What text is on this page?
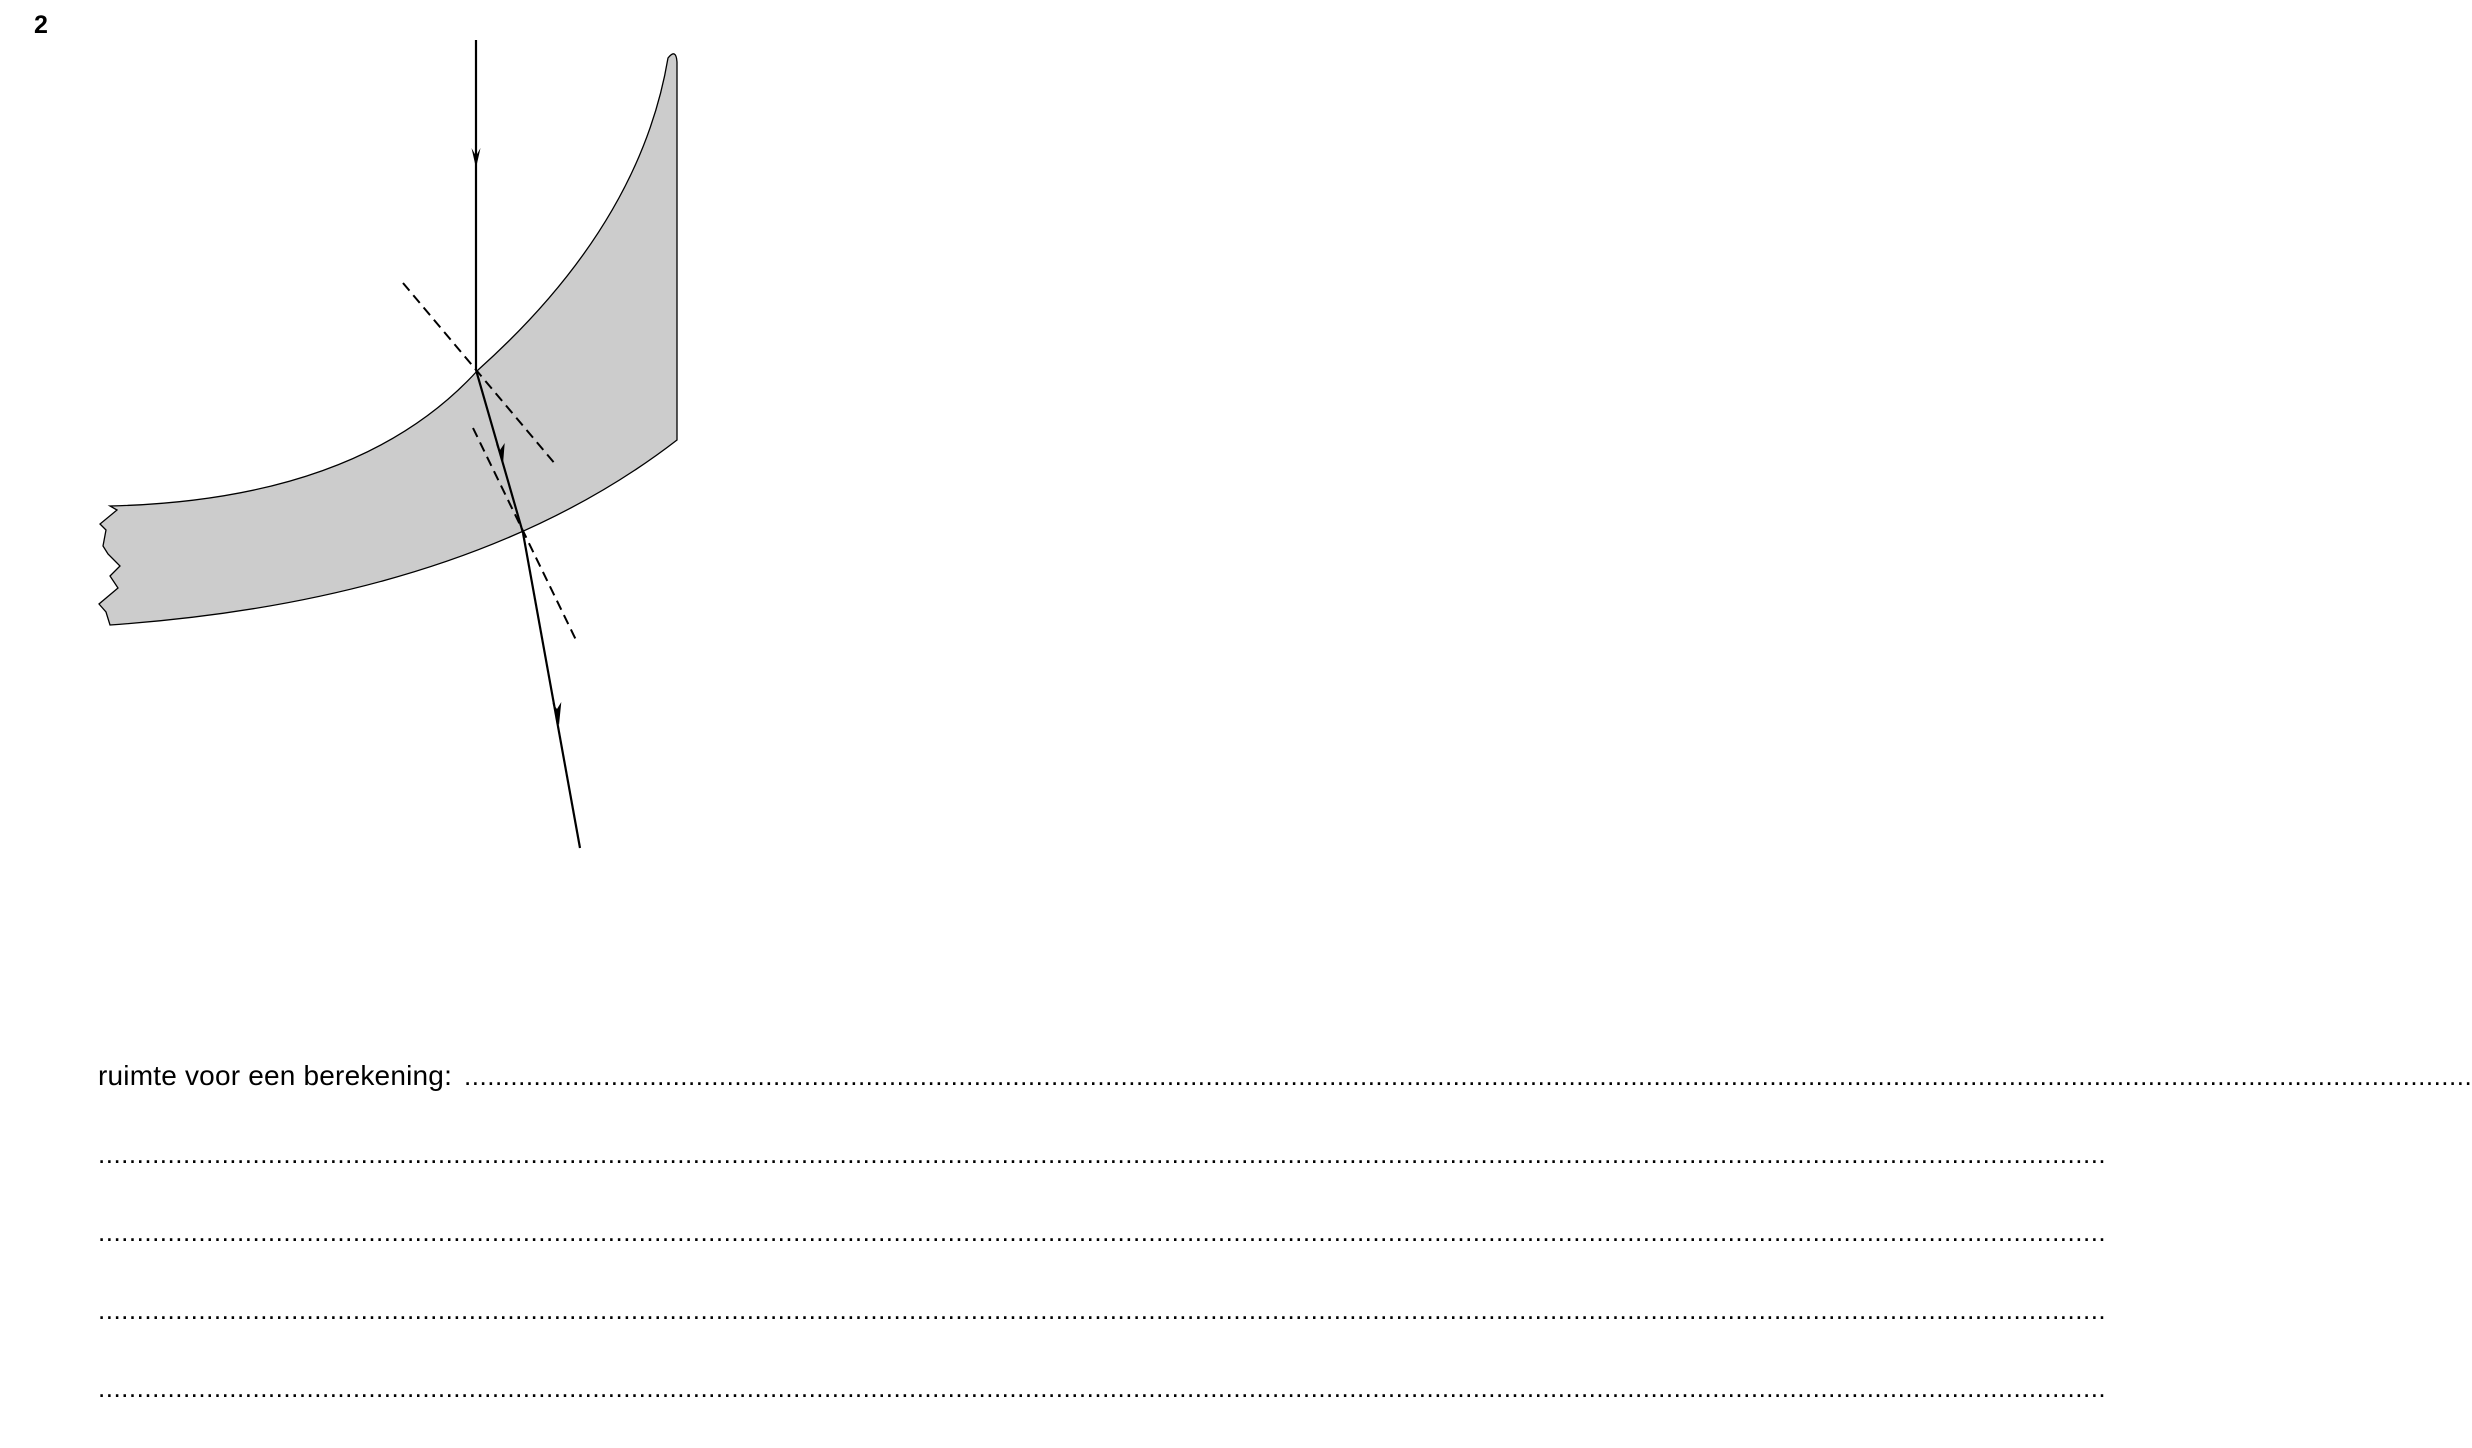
2
ruimte voor een berekening: ....................................................................................................................................................................................................................................................................
....................................................................................................................................................................................................................................................................
....................................................................................................................................................................................................................................................................
....................................................................................................................................................................................................................................................................
....................................................................................................................................................................................................................................................................
